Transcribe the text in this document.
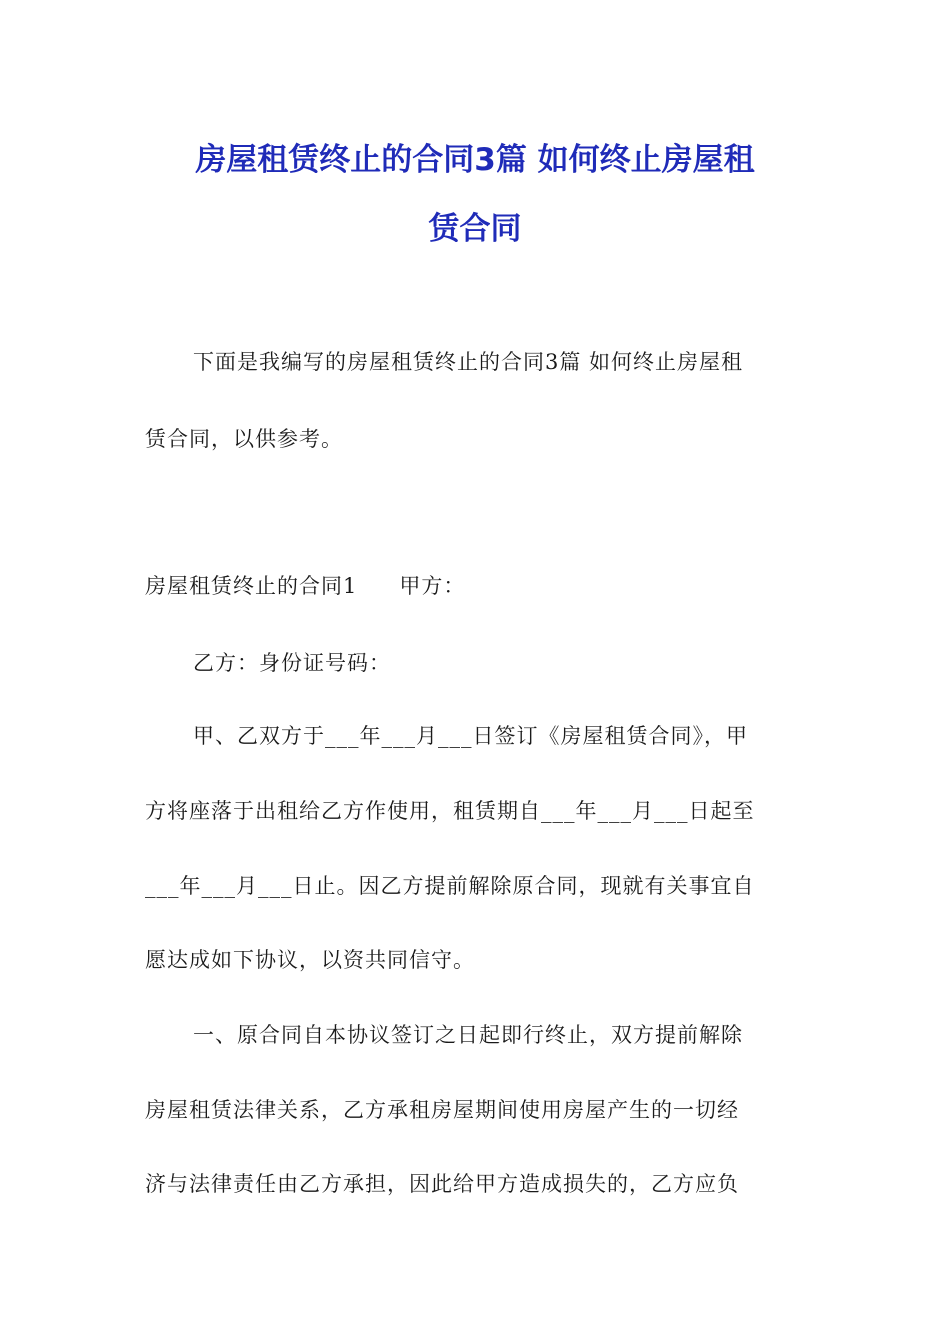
房屋租赁终止的合同3篇 如何终止房屋租
赁合同

下面是我编写的房屋租赁终止的合同3篇 如何终止房屋租

赁合同，以供参考。

房屋租赁终止的合同1 甲方：

乙方：身份证号码：

甲、乙双方于___年___月___日签订《房屋租赁合同》，甲

方将座落于出租给乙方作使用，租赁期自___年___月___日起至

___年___月___日止。因乙方提前解除原合同，现就有关事宜自

愿达成如下协议，以资共同信守。

一、原合同自本协议签订之日起即行终止，双方提前解除

房屋租赁法律关系，乙方承租房屋期间使用房屋产生的一切经

济与法律责任由乙方承担，因此给甲方造成损失的，乙方应负
